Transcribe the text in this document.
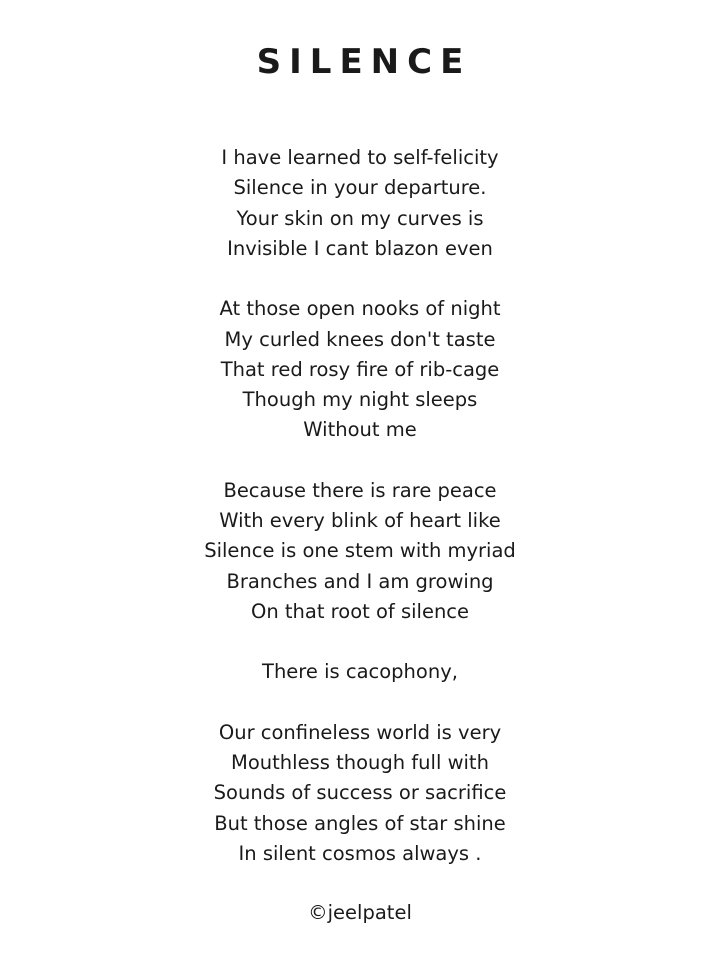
SILENCE
I have learned to self-felicity
Silence in your departure.
Your skin on my curves is
Invisible I cant blazon even
At those open nooks of night
My curled knees don't taste
That red rosy fire of rib-cage
Though my night sleeps
Without me
Because there is rare peace
With every blink of heart like
Silence is one stem with myriad
Branches and I am growing
On that root of silence
There is cacophony,
Our confineless world is very
Mouthless though full with
Sounds of success or sacrifice
But those angles of star shine
In silent cosmos always .
©jeelpatel
